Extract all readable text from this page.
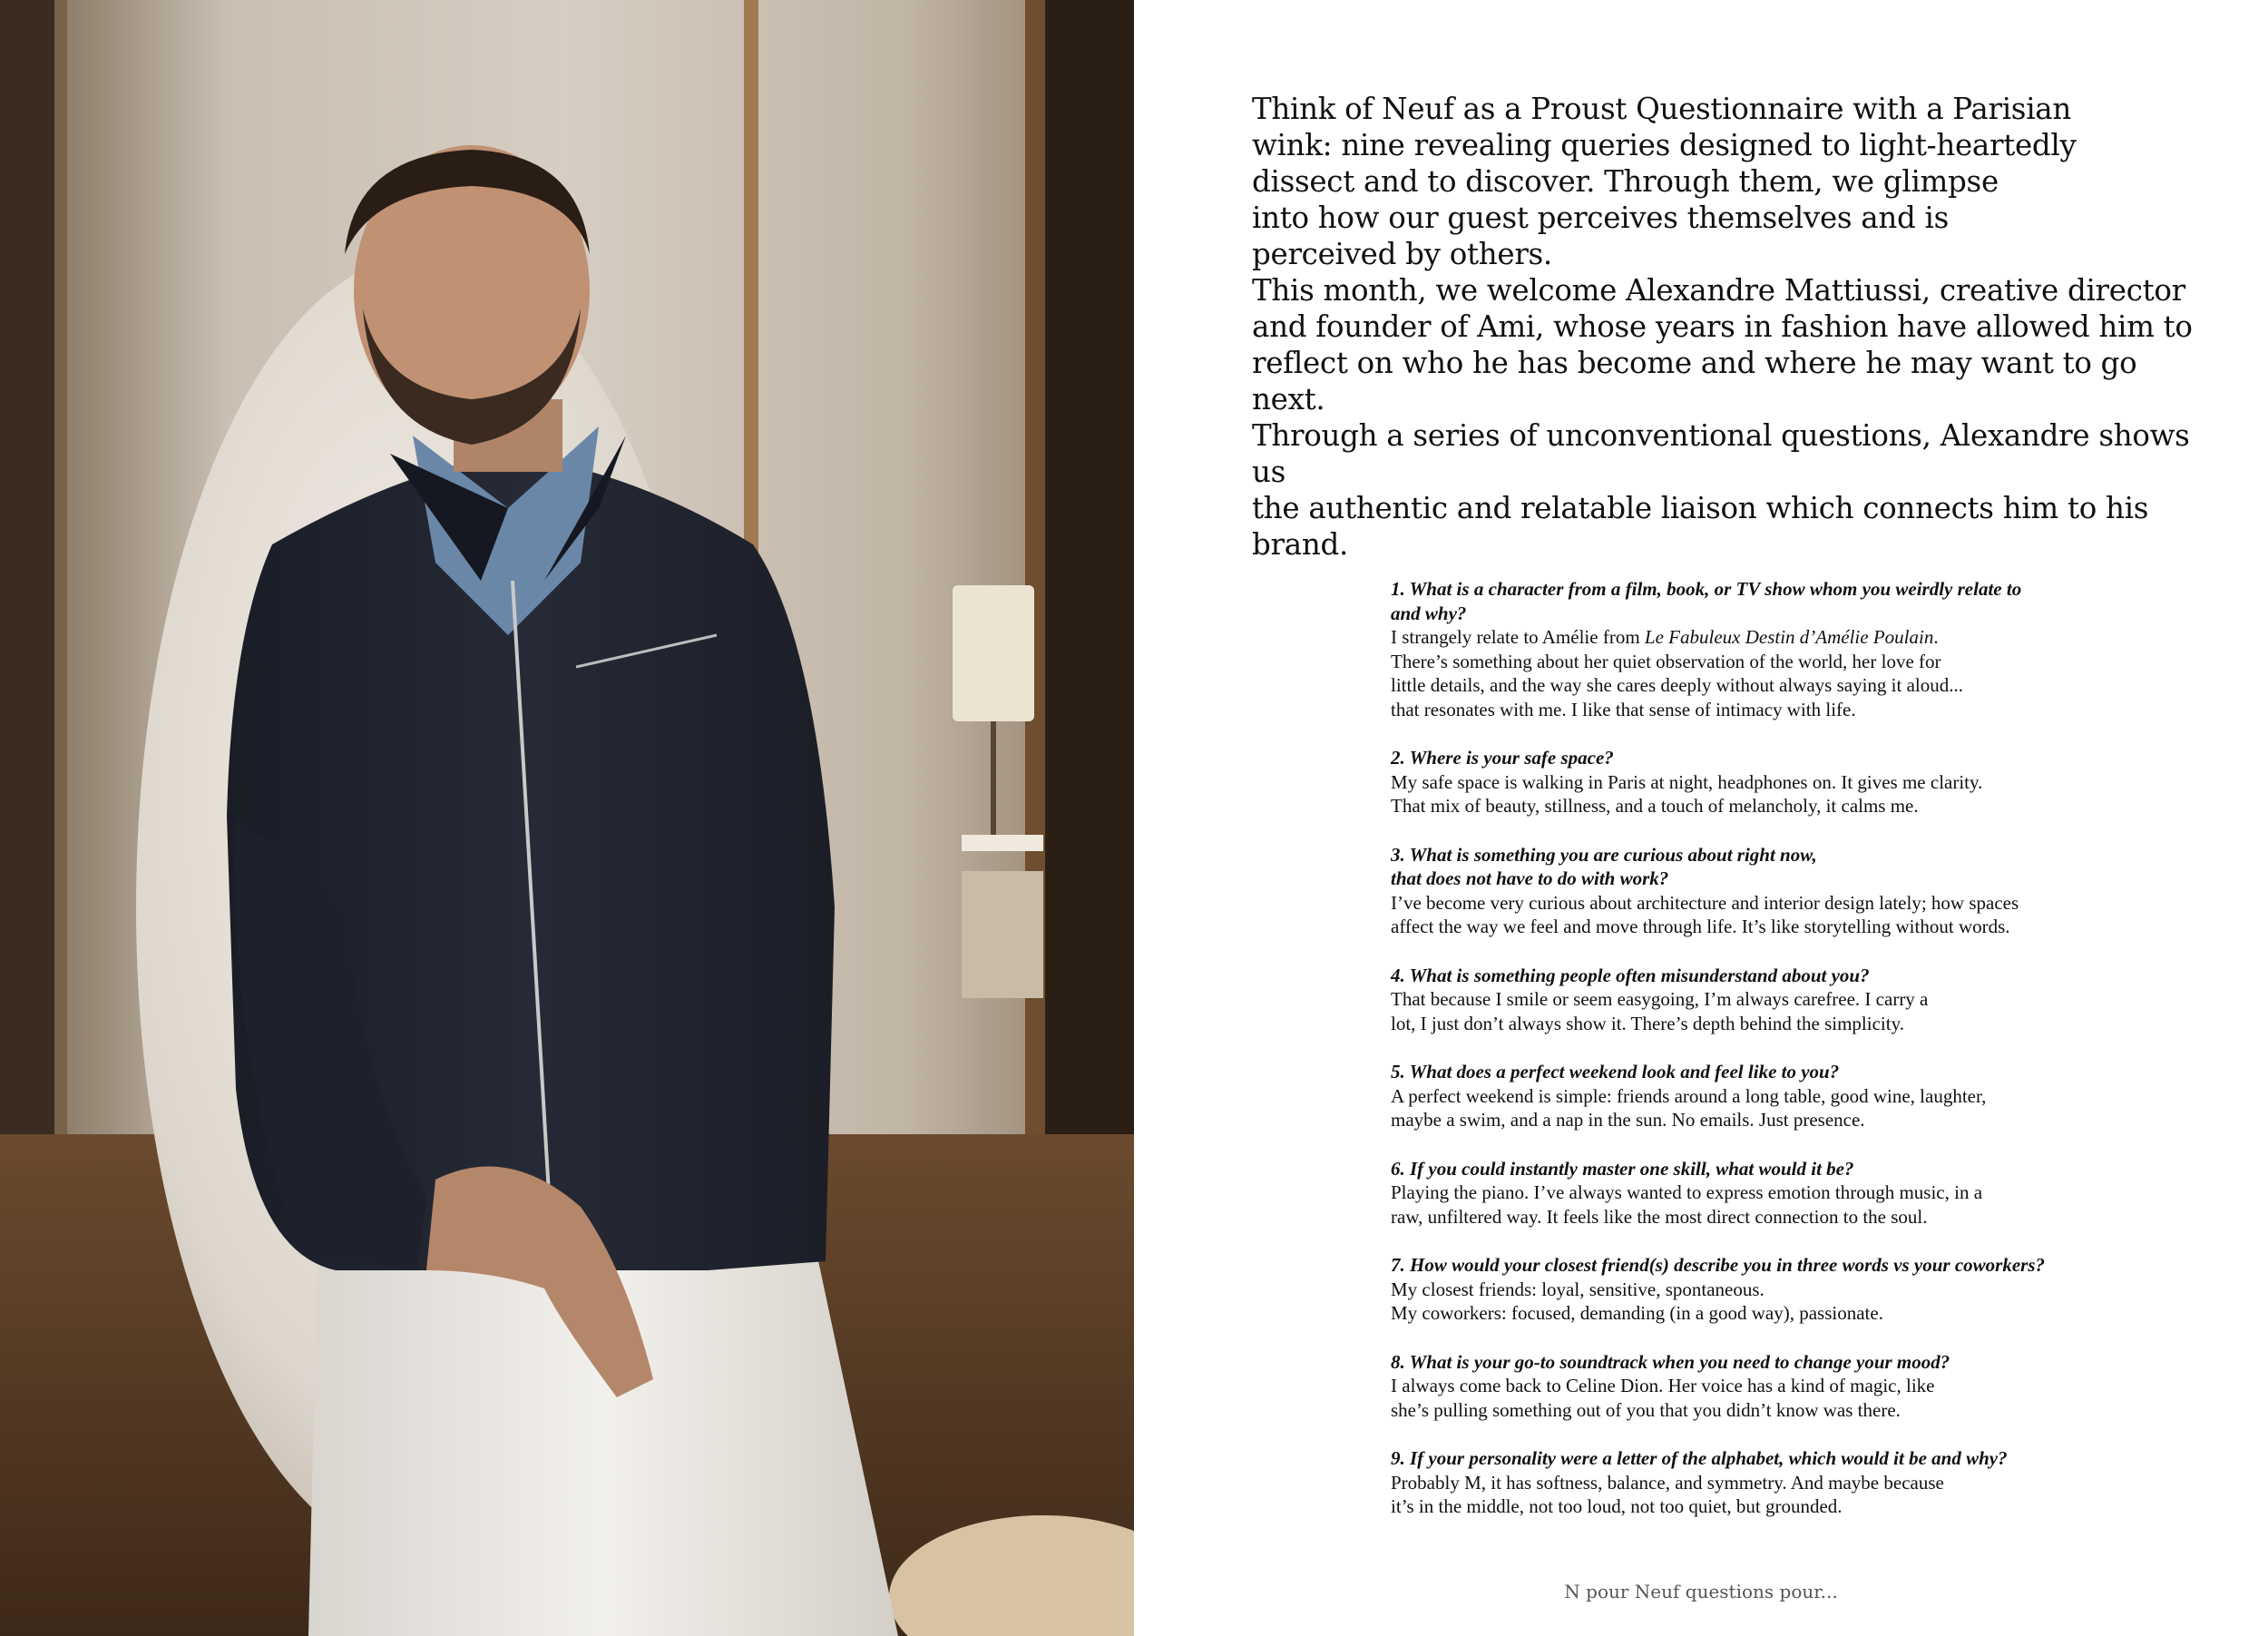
Think of Neuf as a Proust Questionnaire with a Parisian
wink: nine revealing queries designed to light-heartedly
dissect and to discover. Through them, we glimpse
into how our guest perceives themselves and is
perceived by others.
This month, we welcome Alexandre Mattiussi, creative director
and founder of Ami, whose years in fashion have allowed him to
reflect on who he has become and where he may want to go next.
Through a series of unconventional questions, Alexandre shows us
the authentic and relatable liaison which connects him to his brand.
1. What is a character from a film, book, or TV show whom you weirdly relate to
and why?
I strangely relate to Amélie from Le Fabuleux Destin d’Amélie Poulain.
There’s something about her quiet observation of the world, her love for
little details, and the way she cares deeply without always saying it aloud...
that resonates with me. I like that sense of intimacy with life.
2. Where is your safe space?
My safe space is walking in Paris at night, headphones on. It gives me clarity.
That mix of beauty, stillness, and a touch of melancholy, it calms me.
3. What is something you are curious about right now,
that does not have to do with work?
I’ve become very curious about architecture and interior design lately; how spaces
affect the way we feel and move through life. It’s like storytelling without words.
4. What is something people often misunderstand about you?
That because I smile or seem easygoing, I’m always carefree. I carry a
lot, I just don’t always show it. There’s depth behind the simplicity.
5. What does a perfect weekend look and feel like to you?
A perfect weekend is simple: friends around a long table, good wine, laughter,
maybe a swim, and a nap in the sun. No emails. Just presence.
6. If you could instantly master one skill, what would it be?
Playing the piano. I’ve always wanted to express emotion through music, in a
raw, unfiltered way. It feels like the most direct connection to the soul.
7. How would your closest friend(s) describe you in three words vs your coworkers?
My closest friends: loyal, sensitive, spontaneous.
My coworkers: focused, demanding (in a good way), passionate.
8. What is your go-to soundtrack when you need to change your mood?
I always come back to Celine Dion. Her voice has a kind of magic, like
she’s pulling something out of you that you didn’t know was there.
9. If your personality were a letter of the alphabet, which would it be and why?
Probably M, it has softness, balance, and symmetry. And maybe because
it’s in the middle, not too loud, not too quiet, but grounded.
N pour Neuf questions pour...
